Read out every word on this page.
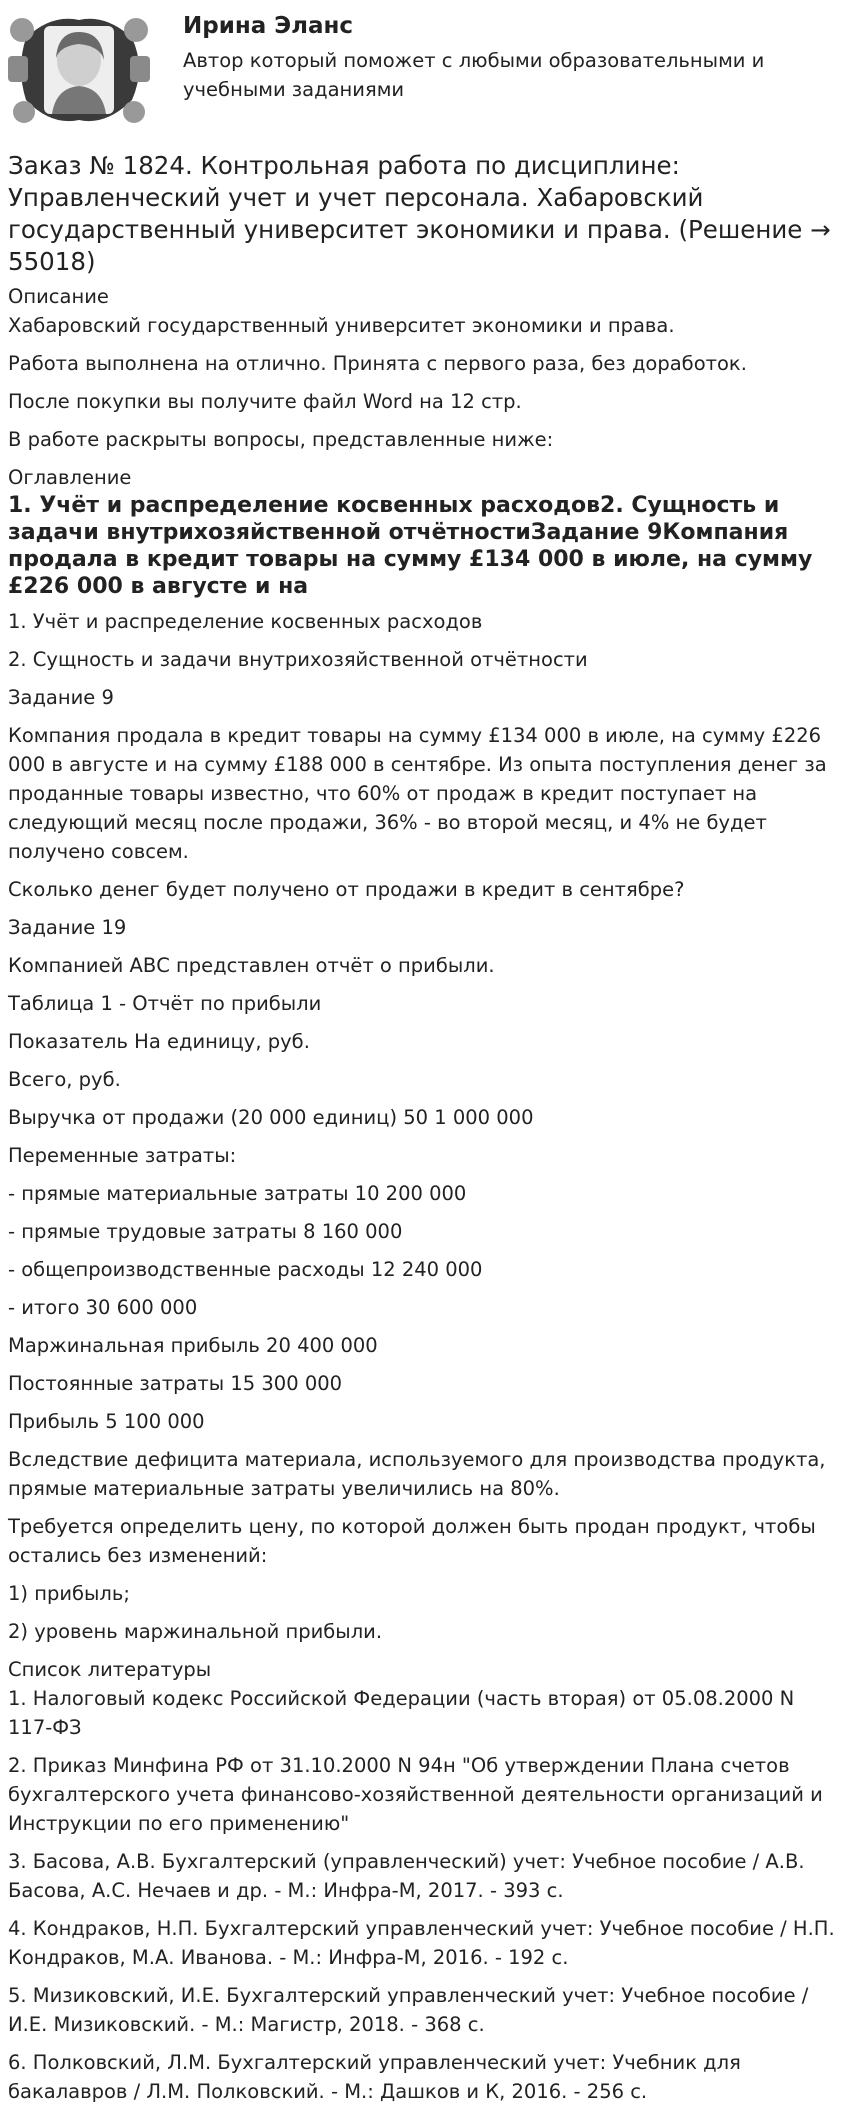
Ирина Эланс
Автор который поможет с любыми образовательными и учебными заданиями
Заказ № 1824. Контрольная работа по дисциплине: Управленческий учет и учет персонала. Хабаровский государственный университет экономики и права. (Решение → 55018)
Описание

Хабаровский государственный университет экономики и права.

Работа выполнена на отлично. Принята с первого раза, без доработок.

После покупки вы получите файл Word на 12 стр.

В работе раскрыты вопросы, представленные ниже:

Оглавление
1. Учёт и распределение косвенных расходов2. Сущность и задачи внутрихозяйственной отчётностиЗадание 9Компания продала в кредит товары на сумму £134 000 в июле, на сумму £226 000 в августе и на

1. Учёт и распределение косвенных расходов

2. Сущность и задачи внутрихозяйственной отчётности

Задание 9

Компания продала в кредит товары на сумму £134 000 в июле, на сумму £226 000 в августе и на сумму £188 000 в сентябре. Из опыта поступления денег за проданные товары известно, что 60% от продаж в кредит поступает на следующий месяц после продажи, 36% - во второй месяц, и 4% не будет получено совсем.

Сколько денег будет получено от продажи в кредит в сентябре?

Задание 19

Компанией АВС представлен отчёт о прибыли.

Таблица 1 - Отчёт по прибыли

Показатель На единицу, руб.

Всего, руб.

Выручка от продажи (20 000 единиц) 50 1 000 000

Переменные затраты:

- прямые материальные затраты 10 200 000

- прямые трудовые затраты 8 160 000

- общепроизводственные расходы 12 240 000

- итого 30 600 000

Маржинальная прибыль 20 400 000

Постоянные затраты 15 300 000

Прибыль 5 100 000

Вследствие дефицита материала, используемого для производства продукта, прямые материальные затраты увеличились на 80%.

Требуется определить цену, по которой должен быть продан продукт, чтобы остались без изменений:

1) прибыль;

2) уровень маржинальной прибыли.

Список литературы

1. Налоговый кодекс Российской Федерации (часть вторая) от 05.08.2000 N 117-ФЗ

2. Приказ Минфина РФ от 31.10.2000 N 94н "Об утверждении Плана счетов бухгалтерского учета финансово-хозяйственной деятельности организаций и Инструкции по его применению"

3. Басова, А.В. Бухгалтерский (управленческий) учет: Учебное пособие / А.В. Басова, А.С. Нечаев и др. - М.: Инфра-М, 2017. - 393 с.

4. Кондраков, Н.П. Бухгалтерский управленческий учет: Учебное пособие / Н.П. Кондраков, М.А. Иванова. - М.: Инфра-М, 2016. - 192 с.

5. Мизиковский, И.Е. Бухгалтерский управленческий учет: Учебное пособие / И.Е. Мизиковский. - М.: Магистр, 2018. - 368 с.

6. Полковский, Л.М. Бухгалтерский управленческий учет: Учебник для бакалавров / Л.М. Полковский. - М.: Дашков и К, 2016. - 256 с.
